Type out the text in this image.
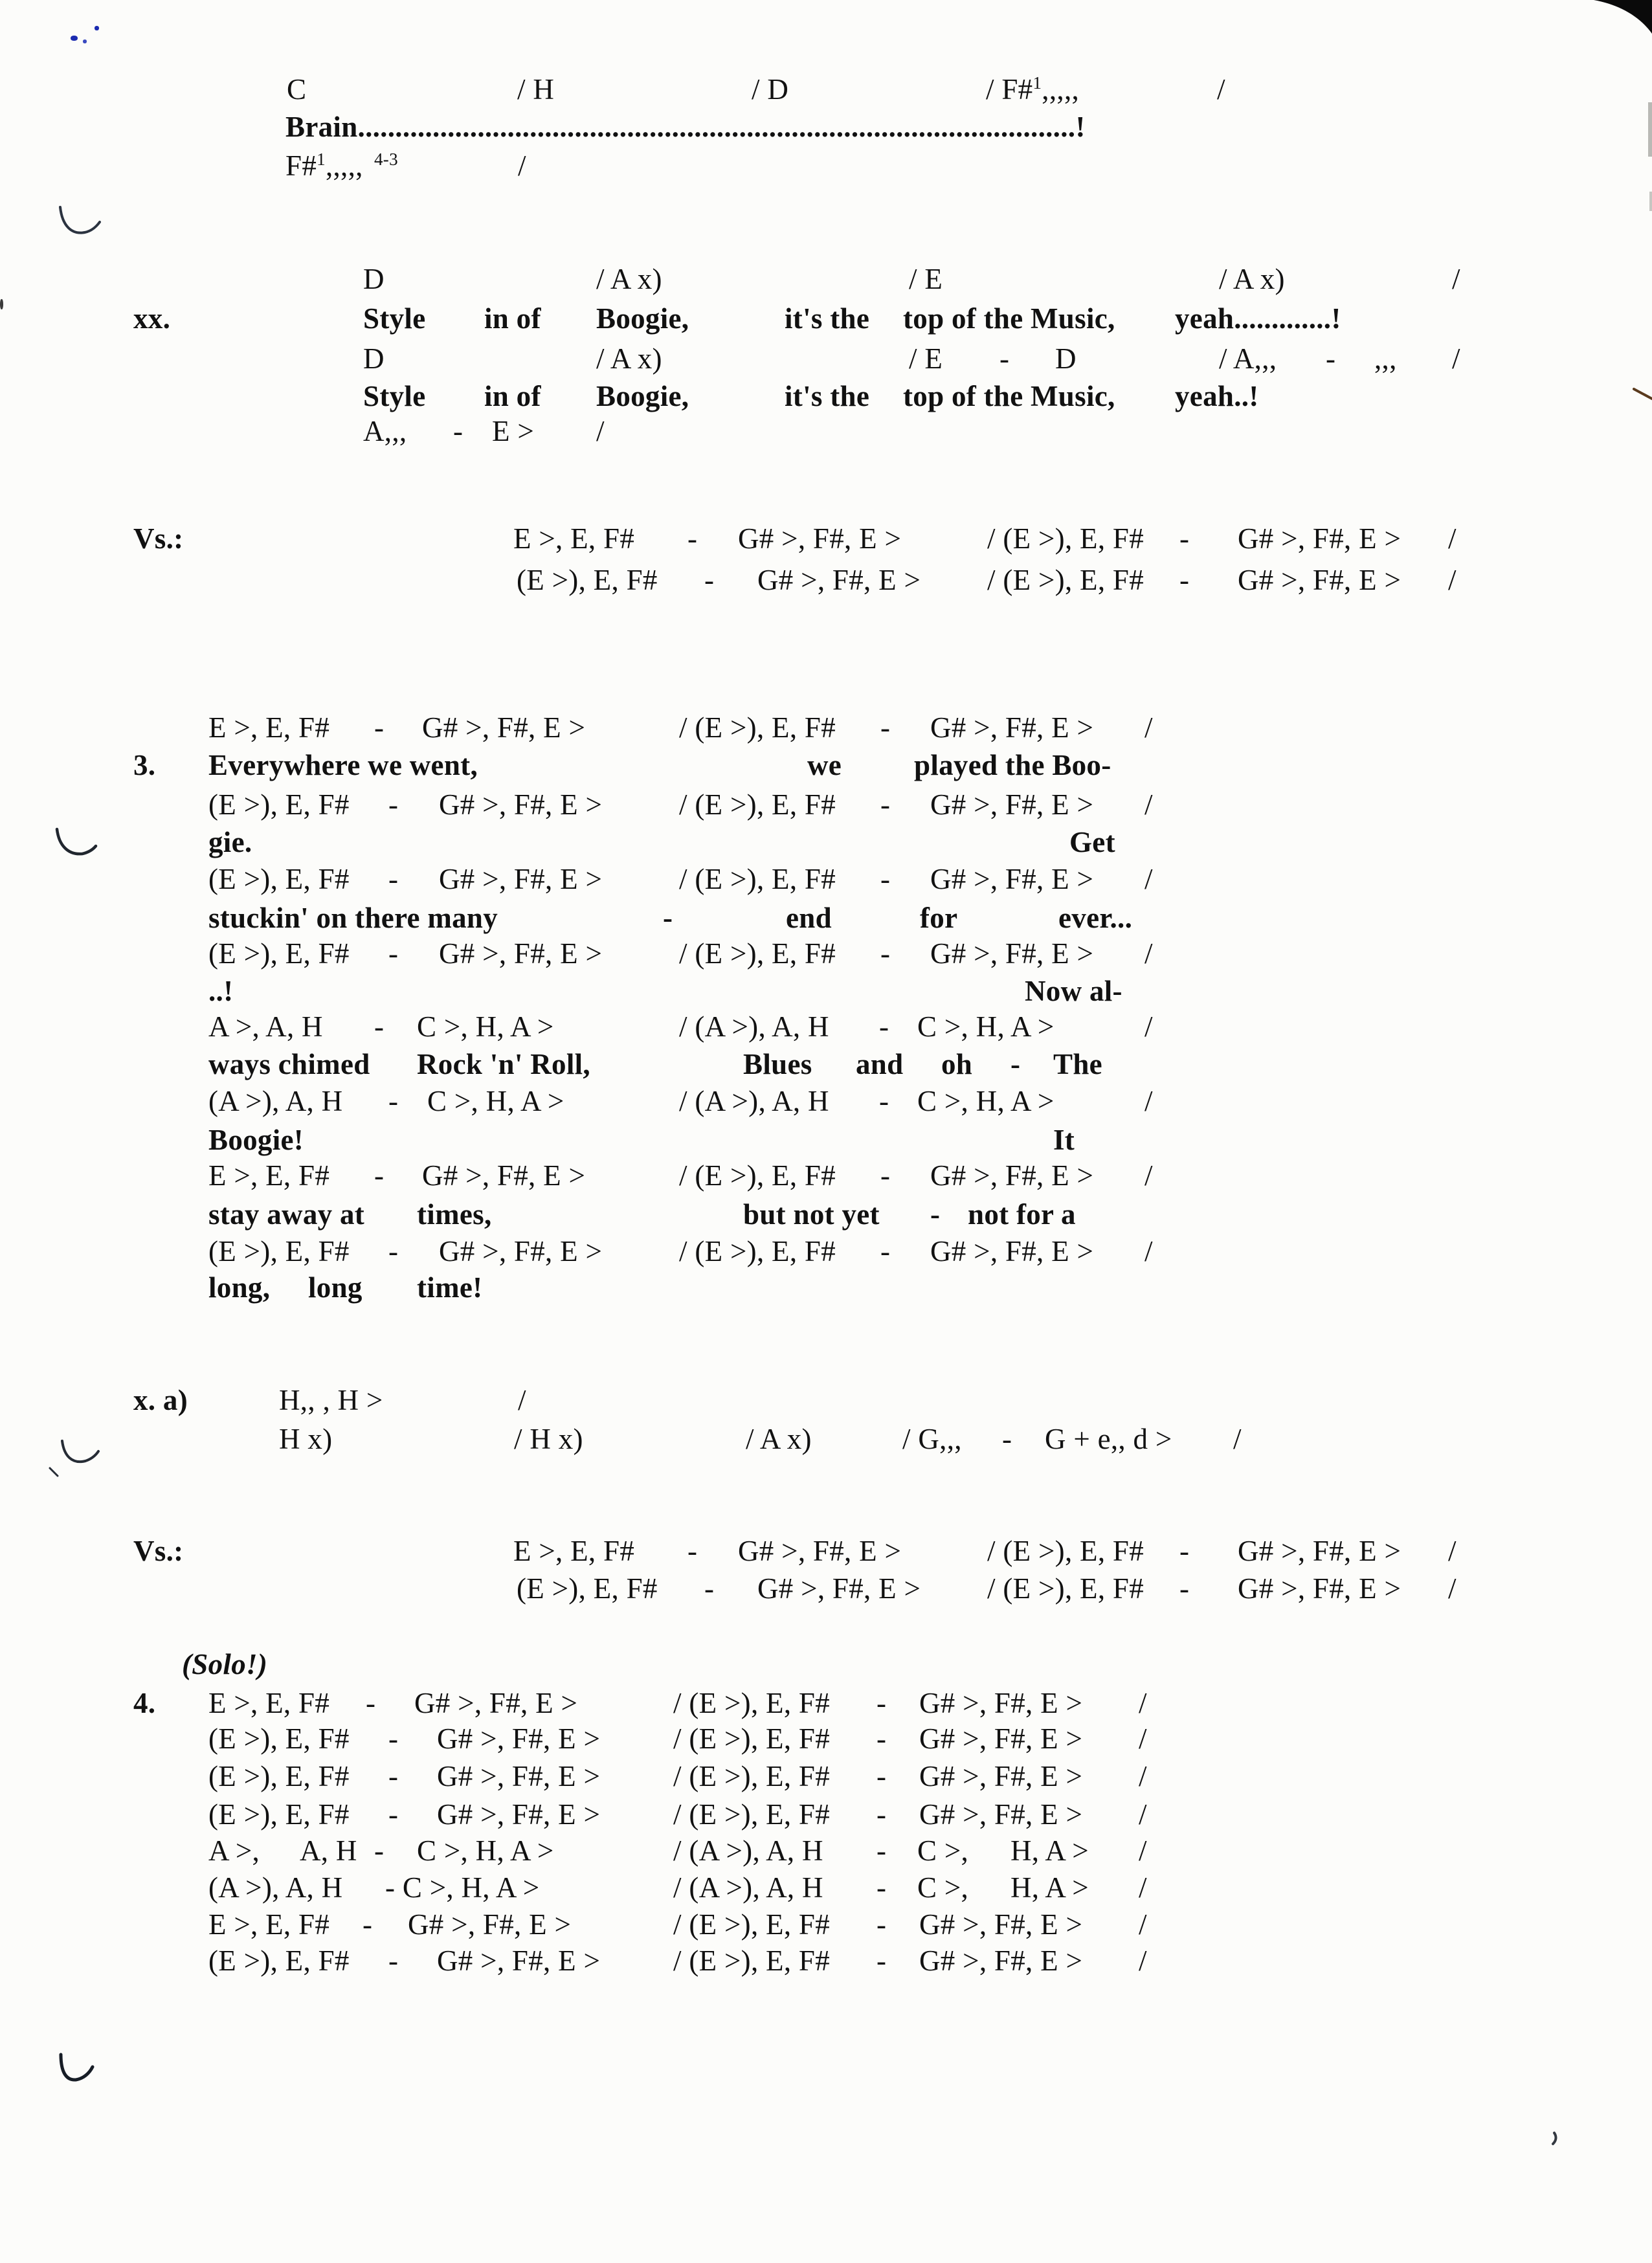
C	/ H	/ D	/ F#$^1$,,,,,	/
Brain................................................................................................!
F#$^1$,,,,, $^{4-3}$	/
D	/ A x)	/ E	/ A x)	/
xx.	Style in of Boogie,	it's the top of the Music, yeah.............!
D	/ A x)	/ E - D	/ A,,, - ,,, /
Style in of Boogie,	it's the top of the Music, yeah..!
A,,, - E > /
Vs.:	E >, E, F# - G# >, F#, E >	/ (E >), E, F# - G# >, F#, E > /
(E >), E, F# - G# >, F#, E > / (E >), E, F# - G# >, F#, E > /
E >, E, F# - G# >, F#, E >	/ (E >), E, F# - G# >, F#, E > /
3. Everywhere we went,	we played the Boo-
(E >), E, F# - G# >, F#, E >	/ (E >), E, F# - G# >, F#, E > /
gie.	Get
(E >), E, F# - G# >, F#, E >	/ (E >), E, F# - G# >, F#, E > /
stuckin' on there many	-	end	for	ever...
(E >), E, F# - G# >, F#, E >	/ (E >), E, F# - G# >, F#, E > /
..!	Now al-
A >, A, H - C >, H, A >	/ (A >), A, H - C >, H, A >	/
ways chimed Rock 'n' Roll,	Blues and oh - The
(A >), A, H - C >, H, A >	/ (A >), A, H - C >, H, A >	/
Boogie!	It
E >, E, F# - G# >, F#, E >	/ (E >), E, F# - G# >, F#, E > /
stay away at times,	but not yet - not for a
(E >), E, F# - G# >, F#, E >	/ (E >), E, F# - G# >, F#, E > /
long, long time!
x. a)	H,, , H >	/
H x)	/ H x)	/ A x)	/ G,,, - G + e,, d > /
Vs.:	E >, E, F# - G# >, F#, E >	/ (E >), E, F# - G# >, F#, E > /
(E >), E, F# - G# >, F#, E > / (E >), E, F# - G# >, F#, E > /
(Solo!)
4. E >, E, F# - G# >, F#, E >	/ (E >), E, F# - G# >, F#, E > /
(E >), E, F# - G# >, F#, E >	/ (E >), E, F# - G# >, F#, E > /
(E >), E, F# - G# >, F#, E >	/ (E >), E, F# - G# >, F#, E > /
(E >), E, F# - G# >, F#, E >	/ (E >), E, F# - G# >, F#, E > /
A >, A, H - C >, H, A >	/ (A >), A, H - C >, H, A > /
(A >), A, H - C >, H, A >	/ (A >), A, H - C >, H, A > /
E >, E, F# - G# >, F#, E >	/ (E >), E, F# - G# >, F#, E > /
(E >), E, F# - G# >, F#, E >	/ (E >), E, F# - G# >, F#, E > /
